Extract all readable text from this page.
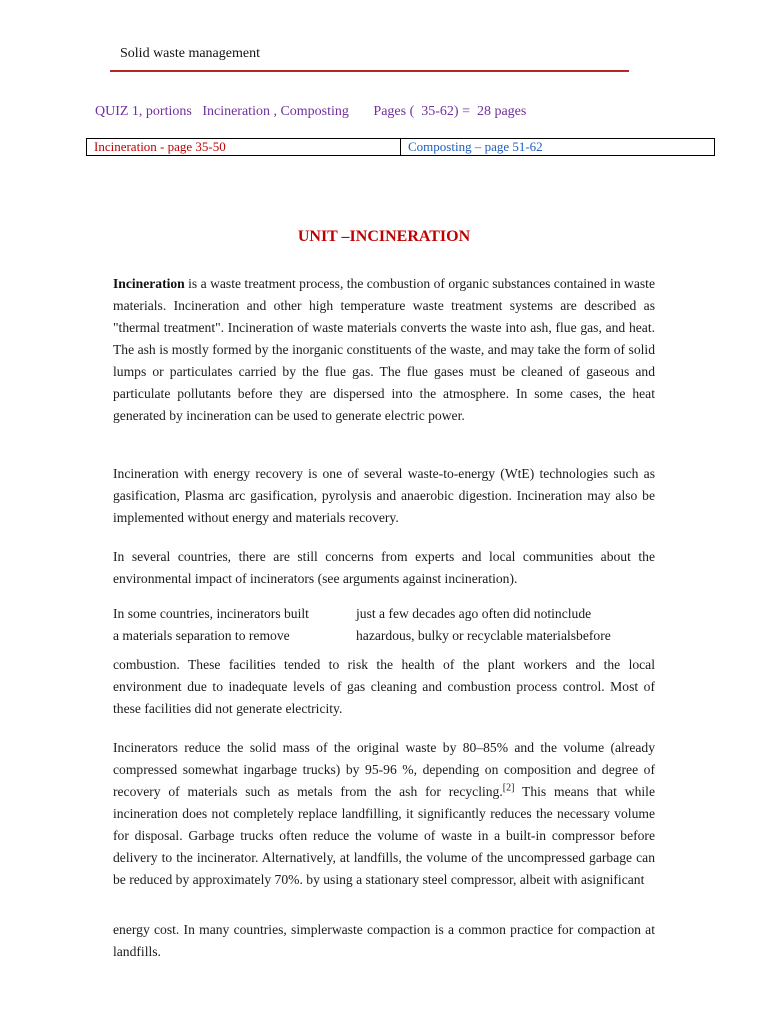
Solid waste management
QUIZ 1, portions   Incineration , Composting       Pages (  35-62) =  28 pages
Incineration - page 35-50	Composting – page 51-62
UNIT –INCINERATION
Incineration is a waste treatment process, the combustion of organic substances contained in waste materials. Incineration and other high temperature waste treatment systems are described as "thermal treatment". Incineration of waste materials converts the waste into ash, flue gas, and heat. The ash is mostly formed by the inorganic constituents of the waste, and may take the form of solid lumps or particulates carried by the flue gas. The flue gases must be cleaned of gaseous and particulate pollutants before they are dispersed into the atmosphere. In some cases, the heat generated by incineration can be used to generate electric power.
Incineration with energy recovery is one of several waste-to-energy (WtE) technologies such as gasification, Plasma arc gasification, pyrolysis and anaerobic digestion. Incineration may also be implemented without energy and materials recovery.
In several countries, there are still concerns from experts and local communities about the environmental impact of incinerators (see arguments against incineration).
In some countries, incinerators built	just a few decades ago often did notinclude
a materials separation to remove	hazardous, bulky or recyclable materialsbefore
combustion. These facilities tended to risk the health of the plant workers and the local environment due to inadequate levels of gas cleaning and combustion process control. Most of these facilities did not generate electricity.
Incinerators reduce the solid mass of the original waste by 80–85% and the volume (already compressed somewhat ingarbage trucks) by 95-96 %, depending on composition and degree of recovery of materials such as metals from the ash for recycling.[2] This means that while incineration does not completely replace landfilling, it significantly reduces the necessary volume for disposal. Garbage trucks often reduce the volume of waste in a built-in compressor before delivery to the incinerator. Alternatively, at landfills, the volume of the uncompressed garbage can be reduced by approximately 70%. by using a stationary steel compressor, albeit with asignificant
energy cost. In many countries, simplerwaste compaction is a common practice for compaction at landfills.
